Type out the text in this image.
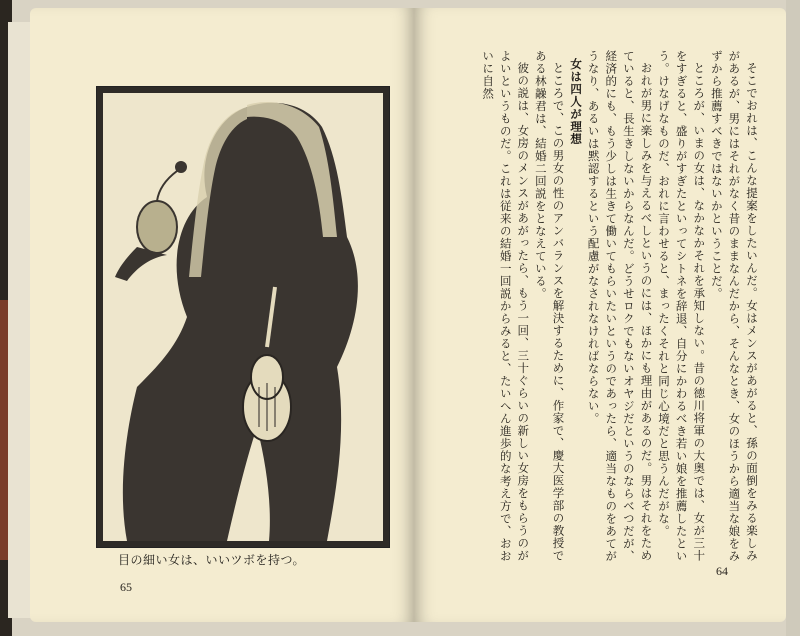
目の細い女は、いいツボを持つ。
65

そこでおれは、こんな提案をしたいんだ。女はメンスがあがると、孫の面倒をみる楽しみがあるが、男にはそれがなく昔のままなんだから、そんなとき、女のほうから適当な娘をみずから推薦すべきではないかということだ。

ところが、いまの女は、なかなかそれを承知しない。昔の徳川将軍の大奥では、女が三十をすぎると、盛りがすぎたといってシトネを辞退、自分にかわるべき若い娘を推薦したという。けなげなものだ、おれに言わせると、まったくそれと同じ心境だと思うんだがな。

おれが男に楽しみを与えるべしというのには、ほかにも理由があるのだ。男はそれをためていると、長生きしないからなんだ。どうせロクでもないオヤジだというのならべつだが、経済的にも、もう少しは生きて働いてもらいたいというのであったら、適当なものをあてがうなり、あるいは黙認するという配慮がなされなければならない。

女は四人が理想

ところで、この男女の性のアンバランスを解決するために、作家で、慶大医学部の教授である林髞君は、結婚二回説をとなえている。

彼の説は、女房のメンスがあがったら、もう一回、三十ぐらいの新しい女房をもらうのがよいというものだ。これは従来の結婚一回説からみると、たいへん進歩的な考え方で、おおいに自然

64
